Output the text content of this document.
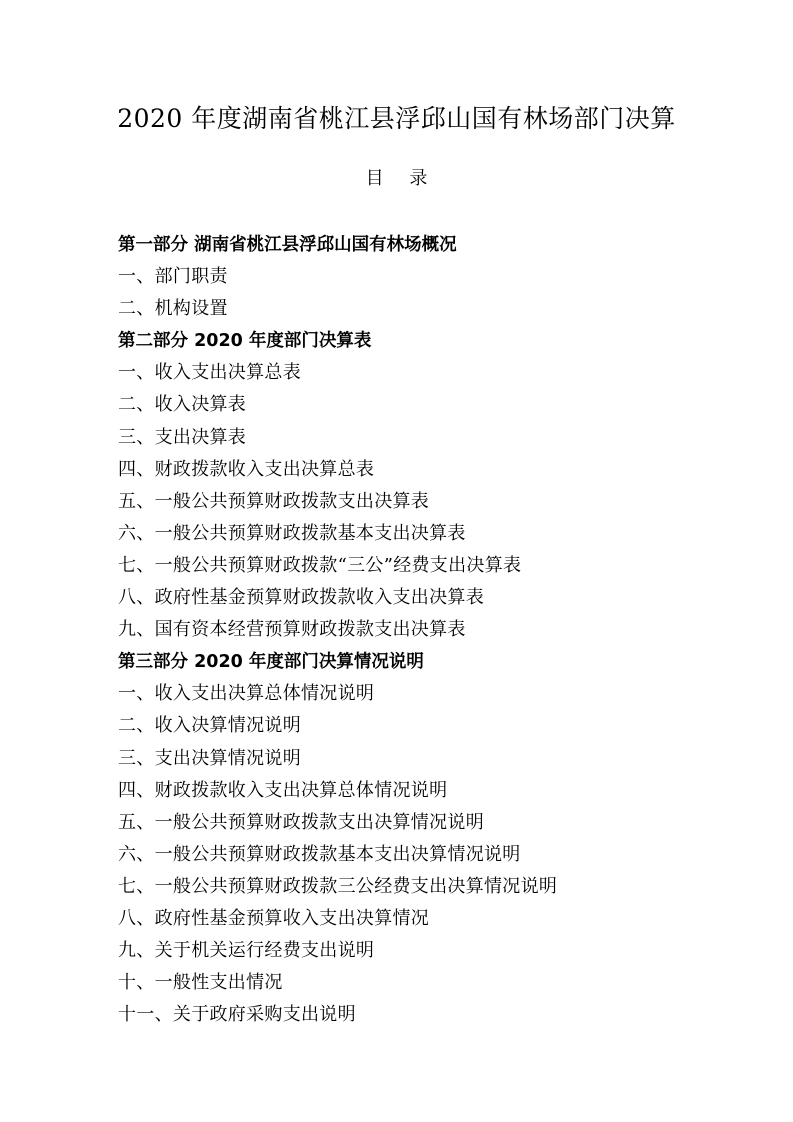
2020 年度湖南省桃江县浮邱山国有林场部门决算
目 录
第一部分 湖南省桃江县浮邱山国有林场概况
一、部门职责
二、机构设置
第二部分 2020 年度部门决算表
一、收入支出决算总表
二、收入决算表
三、支出决算表
四、财政拨款收入支出决算总表
五、一般公共预算财政拨款支出决算表
六、一般公共预算财政拨款基本支出决算表
七、一般公共预算财政拨款“三公”经费支出决算表
八、政府性基金预算财政拨款收入支出决算表
九、国有资本经营预算财政拨款支出决算表
第三部分 2020 年度部门决算情况说明
一、收入支出决算总体情况说明
二、收入决算情况说明
三、支出决算情况说明
四、财政拨款收入支出决算总体情况说明
五、一般公共预算财政拨款支出决算情况说明
六、一般公共预算财政拨款基本支出决算情况说明
七、一般公共预算财政拨款三公经费支出决算情况说明
八、政府性基金预算收入支出决算情况
九、关于机关运行经费支出说明
十、一般性支出情况
十一、关于政府采购支出说明
